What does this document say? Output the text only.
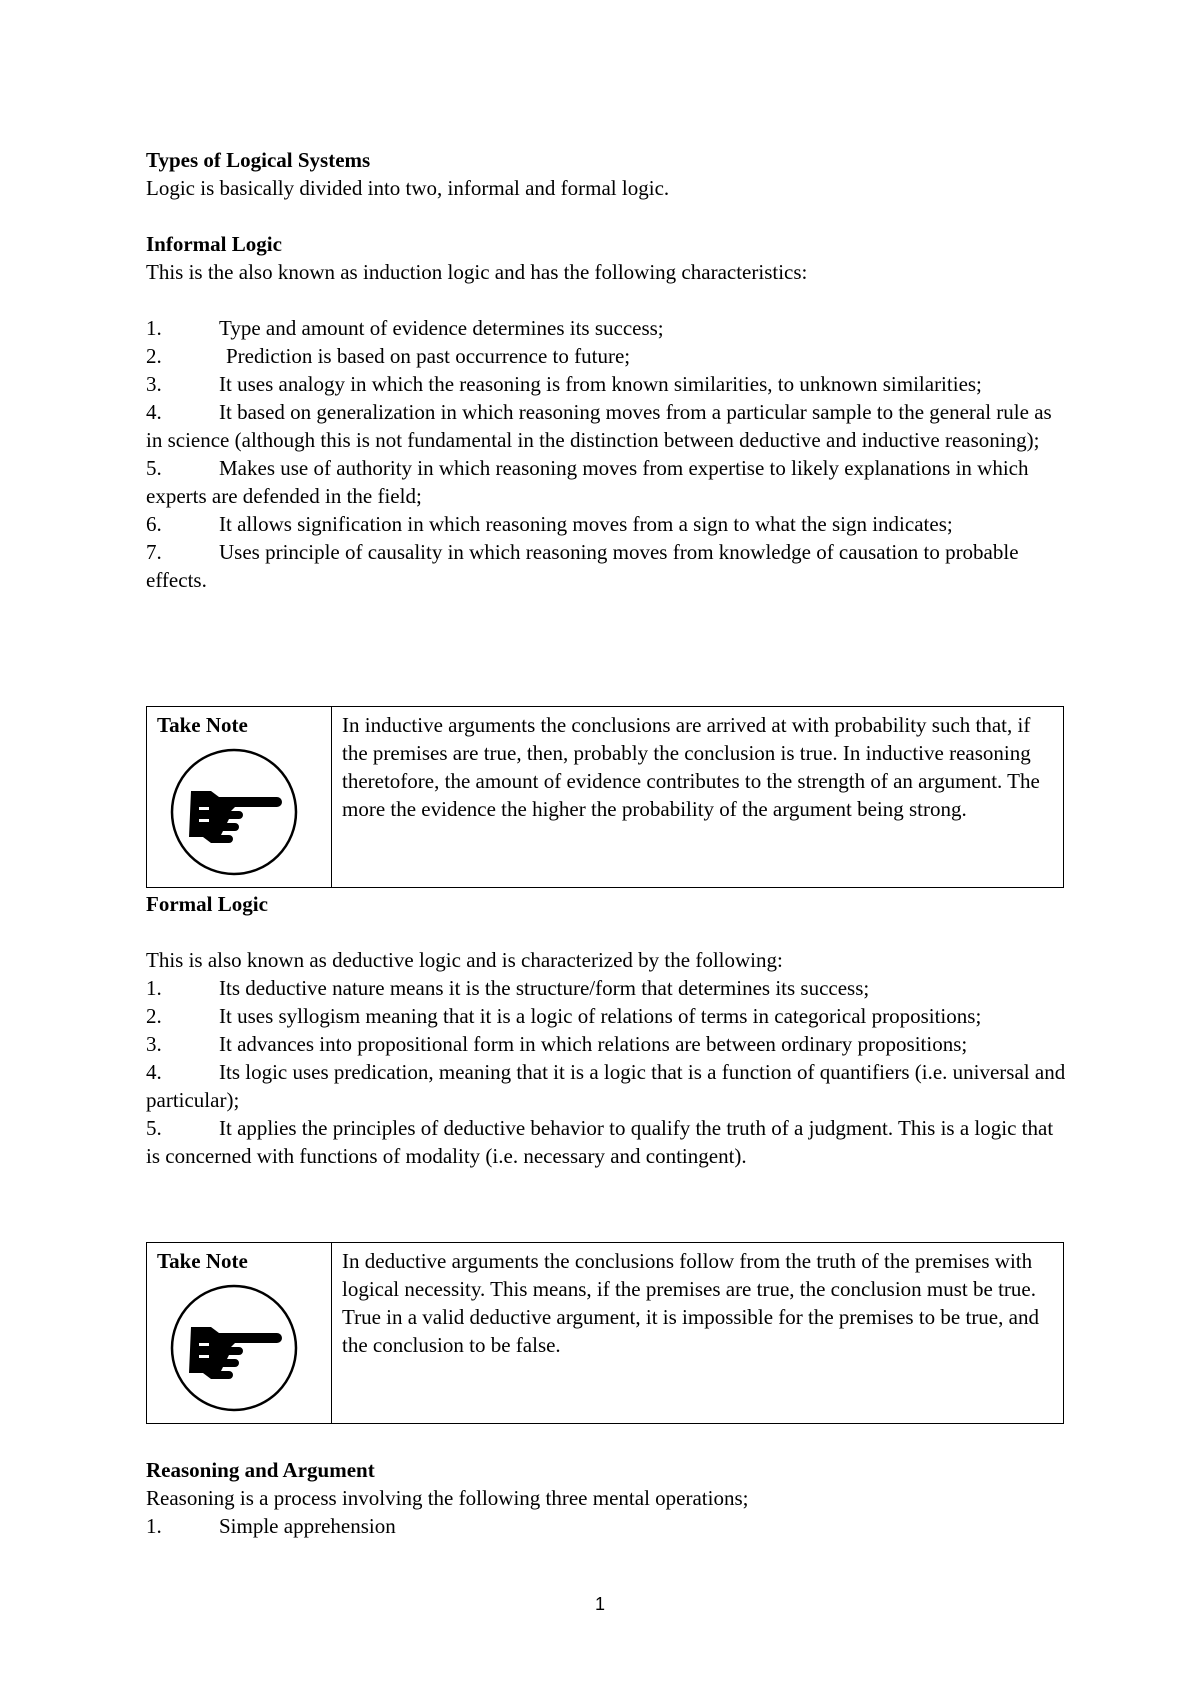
Types of Logical Systems

Logic is basically divided into two, informal and formal logic.

Informal Logic

This is the also known as induction logic and has the following characteristics:

1.	Type and amount of evidence determines its success;

2.	Prediction is based on past occurrence to future;

3.	It uses analogy in which the reasoning is from known similarities, to unknown similarities;

4.	It based on generalization in which reasoning moves from a particular sample to the general rule as in science (although this is not fundamental in the distinction between deductive and inductive reasoning);

5.	Makes use of authority in which reasoning moves from expertise to likely explanations in which experts are defended in the field;

6.	It allows signification in which reasoning moves from a sign to what the sign indicates;

7.	Uses principle of causality in which reasoning moves from knowledge of causation to probable effects.

Take Note	In inductive arguments the conclusions are arrived at with probability such that, if the premises are true, then, probably the conclusion is true. In inductive reasoning theretofore, the amount of evidence contributes to the strength of an argument. The more the evidence the higher the probability of the argument being strong.

Formal Logic

This is also known as deductive logic and is characterized by the following:

1.	Its deductive nature means it is the structure/form that determines its success;

2.	It uses syllogism meaning that it is a logic of relations of terms in categorical propositions;

3.	It advances into propositional form in which relations are between ordinary propositions;

4.	Its logic uses predication, meaning that it is a logic that is a function of quantifiers (i.e. universal and particular);

5.	It applies the principles of deductive behavior to qualify the truth of a judgment. This is a logic that is concerned with functions of modality (i.e. necessary and contingent).

Take Note	In deductive arguments the conclusions follow from the truth of the premises with logical necessity. This means, if the premises are true, the conclusion must be true. True in a valid deductive argument, it is impossible for the premises to be true, and the conclusion to be false.

Reasoning and Argument

Reasoning is a process involving the following three mental operations;

1.	Simple apprehension

1
